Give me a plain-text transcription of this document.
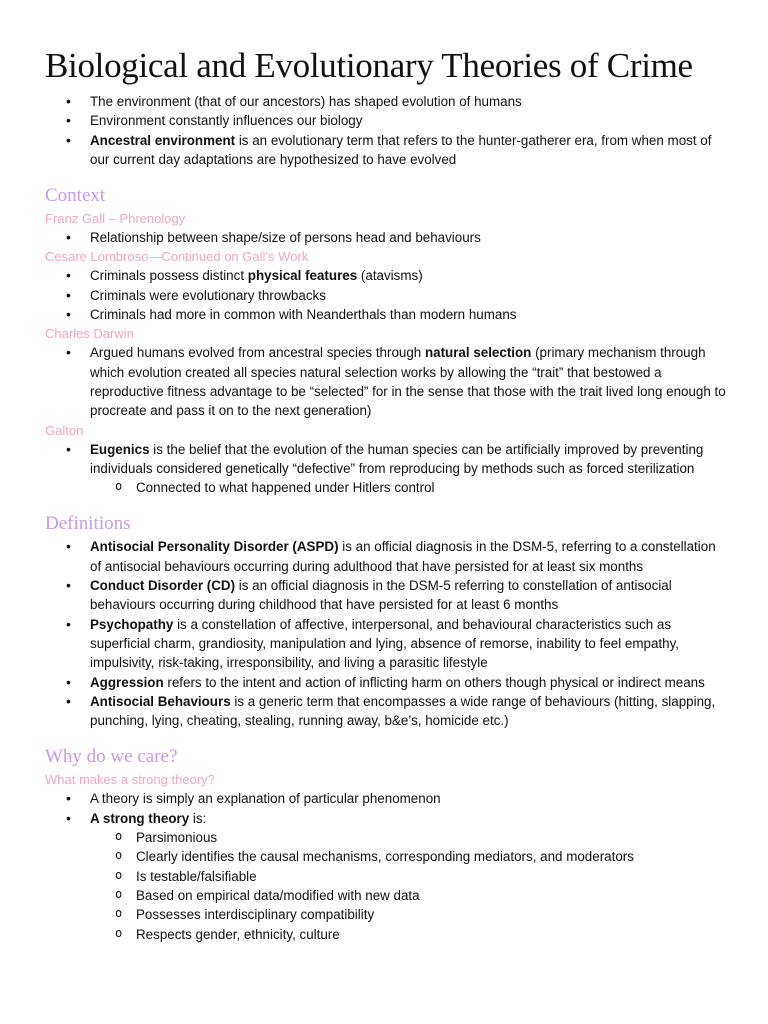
Biological and Evolutionary Theories of Crime
• The environment (that of our ancestors) has shaped evolution of humans
• Environment constantly influences our biology
• Ancestral environment is an evolutionary term that refers to the hunter-gatherer era, from when most of our current day adaptations are hypothesized to have evolved
Context

Franz Gall – Phrenology

• Relationship between shape/size of persons head and behaviours

Cesare Lombroso—Continued on Gall’s Work

• Criminals possess distinct physical features (atavisms)
• Criminals were evolutionary throwbacks
• Criminals had more in common with Neanderthals than modern humans

Charles Darwin

• Argued humans evolved from ancestral species through natural selection (primary mechanism through which evolution created all species natural selection works by allowing the “trait” that bestowed a reproductive fitness advantage to be “selected” for in the sense that those with the trait lived long enough to procreate and pass it on to the next generation)

Galton

• Eugenics is the belief that the evolution of the human species can be artificially improved by preventing individuals considered genetically “defective” from reproducing by methods such as forced sterilization
o Connected to what happened under Hitlers control
Definitions
• Antisocial Personality Disorder (ASPD) is an official diagnosis in the DSM-5, referring to a constellation of antisocial behaviours occurring during adulthood that have persisted for at least six months
• Conduct Disorder (CD) is an official diagnosis in the DSM-5 referring to constellation of antisocial behaviours occurring during childhood that have persisted for at least 6 months
• Psychopathy is a constellation of affective, interpersonal, and behavioural characteristics such as superficial charm, grandiosity, manipulation and lying, absence of remorse, inability to feel empathy, impulsivity, risk-taking, irresponsibility, and living a parasitic lifestyle
• Aggression refers to the intent and action of inflicting harm on others though physical or indirect means
• Antisocial Behaviours is a generic term that encompasses a wide range of behaviours (hitting, slapping, punching, lying, cheating, stealing, running away, b&e’s, homicide etc.)
Why do we care?

What makes a strong theory?

• A theory is simply an explanation of particular phenomenon
• A strong theory is:
o Parsimonious
o Clearly identifies the causal mechanisms, corresponding mediators, and moderators
o Is testable/falsifiable
o Based on empirical data/modified with new data
o Possesses interdisciplinary compatibility
o Respects gender, ethnicity, culture
